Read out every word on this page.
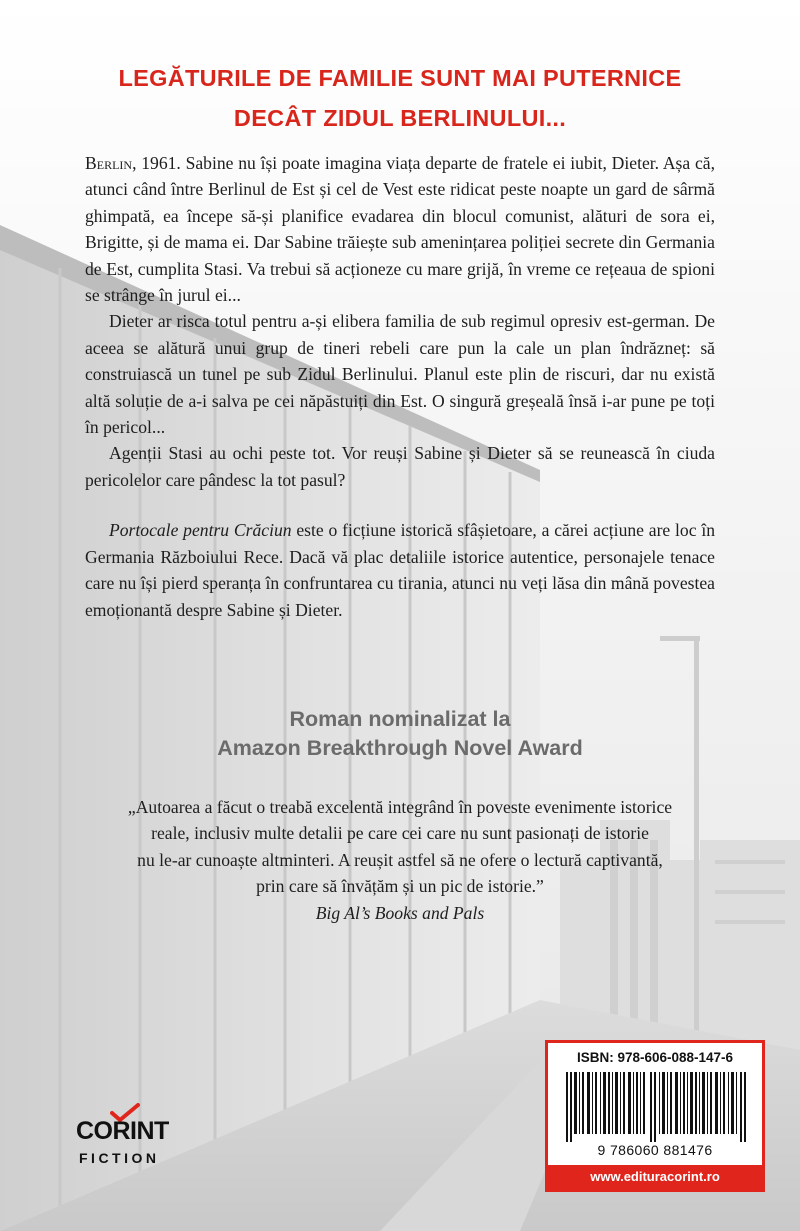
LEGĂTURILE DE FAMILIE SUNT MAI PUTERNICE
DECÂT ZIDUL BERLINULUI...

Berlin, 1961. Sabine nu își poate imagina viața departe de fratele ei iubit, Dieter. Așa că, atunci când între Berlinul de Est și cel de Vest este ridicat peste noapte un gard de sârmă ghimpată, ea începe să-și planifice evadarea din blocul comunist, alături de sora ei, Brigitte, și de mama ei. Dar Sabine trăiește sub amenințarea poliției secrete din Germania de Est, cumplita Stasi. Va trebui să acționeze cu mare grijă, în vreme ce rețeaua de spioni se strânge în jurul ei...

Dieter ar risca totul pentru a-și elibera familia de sub regimul opresiv est-german. De aceea se alătură unui grup de tineri rebeli care pun la cale un plan îndrăzneț: să construiască un tunel pe sub Zidul Berlinului. Planul este plin de riscuri, dar nu există altă soluție de a-i salva pe cei năpăstuiți din Est. O singură greșeală însă i-ar pune pe toți în pericol...

Agenții Stasi au ochi peste tot. Vor reuși Sabine și Dieter să se reunească în ciuda pericolelor care pândesc la tot pasul?

Portocale pentru Crăciun este o ficțiune istorică sfâșietoare, a cărei acțiune are loc în Germania Războiului Rece. Dacă vă plac detaliile istorice autentice, personajele tenace care nu își pierd speranța în confruntarea cu tirania, atunci nu veți lăsa din mână povestea emoționantă despre Sabine și Dieter.

Roman nominalizat la
Amazon Breakthrough Novel Award
„Autoarea a făcut o treabă excelentă integrând în poveste evenimente istorice
reale, inclusiv multe detalii pe care cei care nu sunt pasionați de istorie
nu le-ar cunoaște altminteri. A reușit astfel să ne ofere o lectură captivantă,
prin care să învățăm și un pic de istorie.”
Big Al’s Books and Pals
CORINT
FICTION
ISBN: 978-606-088-147-6
9 786060 881476
www.edituracorint.ro
